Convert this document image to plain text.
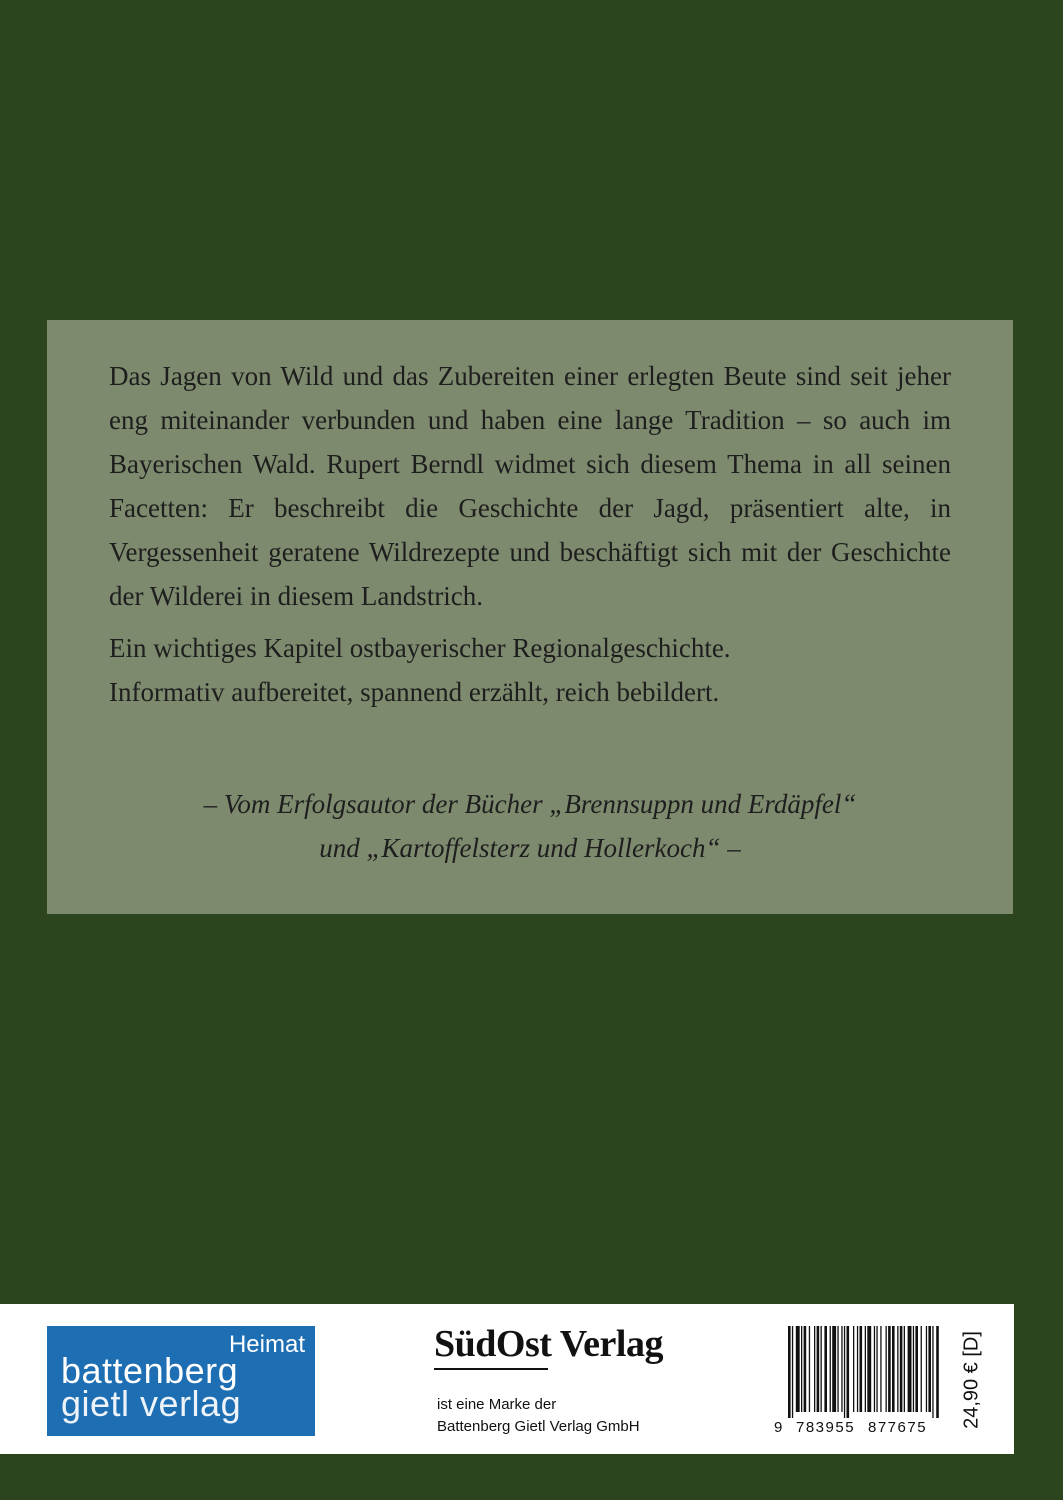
Das Jagen von Wild und das Zubereiten einer erlegten Beute sind seit jeher eng miteinander verbunden und haben eine lange Tradition – so auch im Bayerischen Wald. Rupert Berndl widmet sich diesem Thema in all seinen Facetten: Er beschreibt die Geschichte der Jagd, präsentiert alte, in Vergessenheit geratene Wildrezepte und beschäftigt sich mit der Geschichte der Wilderei in diesem Landstrich.

Ein wichtiges Kapitel ostbayerischer Regionalgeschichte.
Informativ aufbereitet, spannend erzählt, reich bebildert.

– Vom Erfolgsautor der Bücher „Brennsuppn und Erdäpfel“
und „Kartoffelsterz und Hollerkoch“ –
Heimat
battenberg
gietl verlag
SüdOst Verlag
ist eine Marke der
Battenberg Gietl Verlag GmbH	9 783955 877675 24,90 € [D]
